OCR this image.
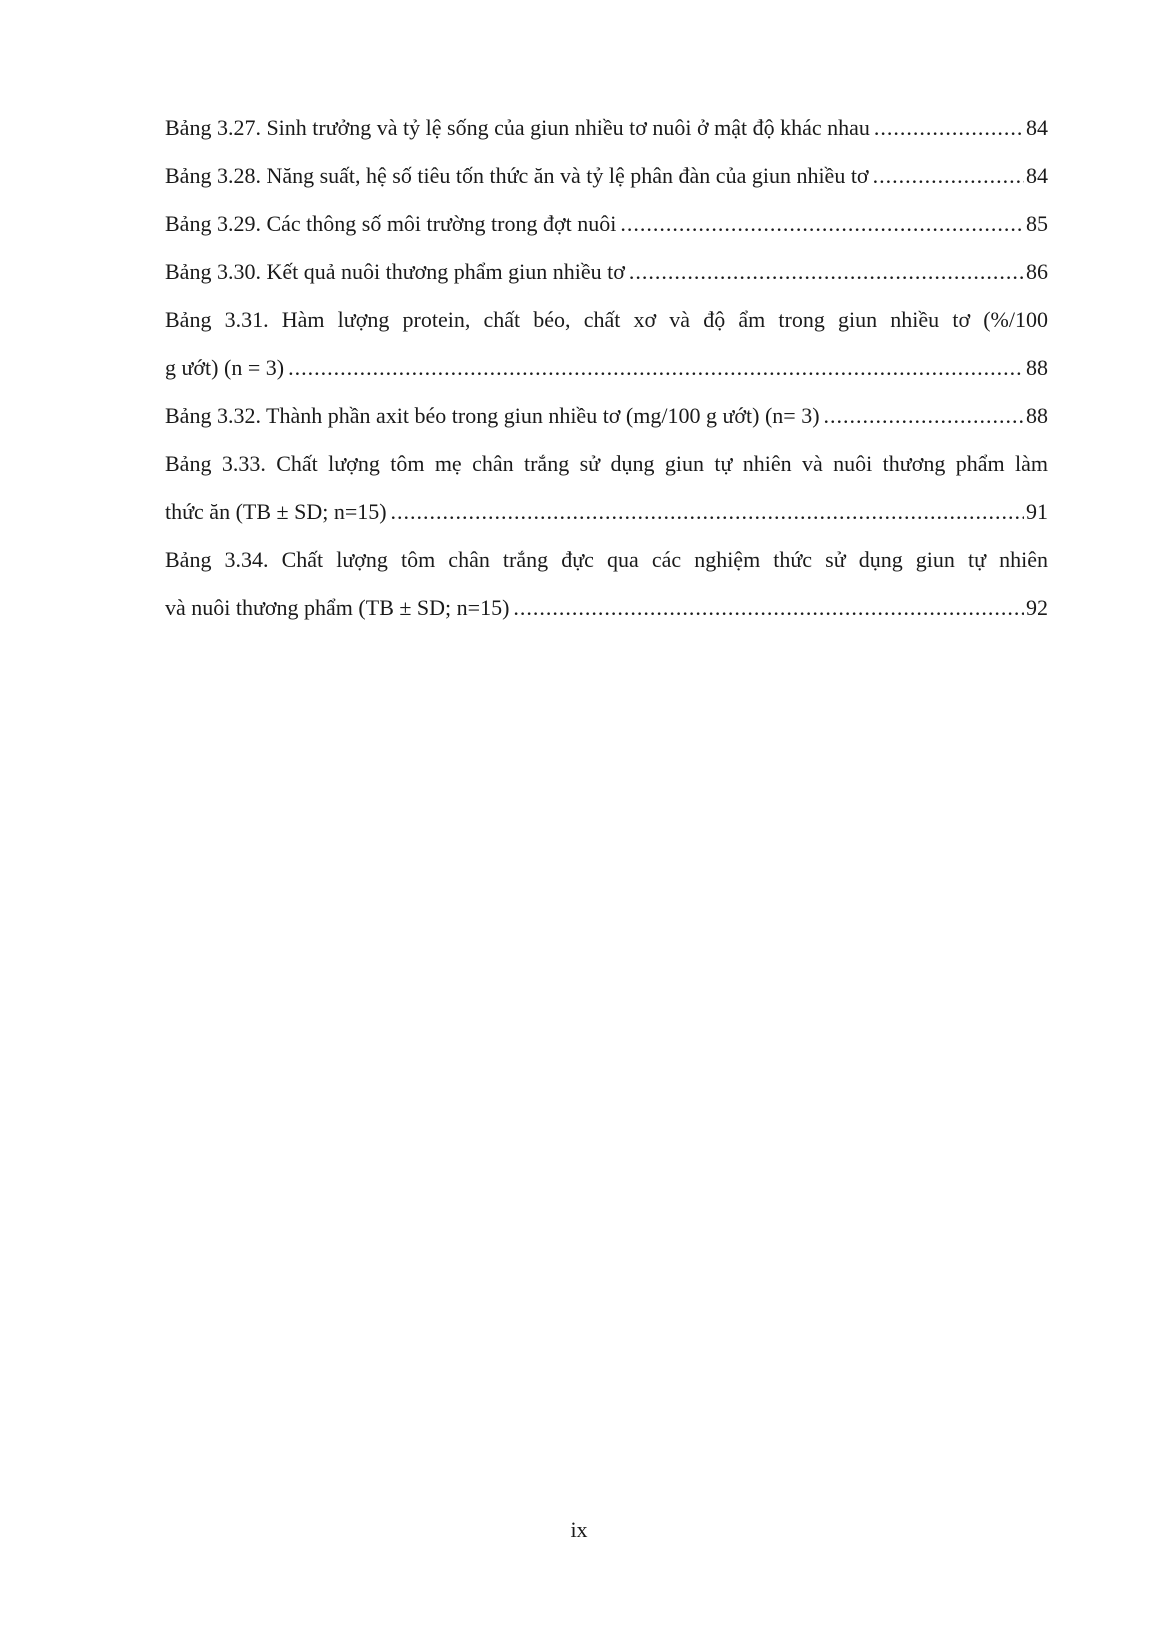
Bảng 3.27. Sinh trưởng và tỷ lệ sống của giun nhiều tơ nuôi ở mật độ khác nhau .....	84
Bảng 3.28. Năng suất, hệ số tiêu tốn thức ăn và tỷ lệ phân đàn của giun nhiều tơ .....	84
Bảng 3.29. Các thông số môi trường trong đợt nuôi .....	85
Bảng 3.30. Kết quả nuôi thương phẩm giun nhiều tơ .....	86
Bảng 3.31. Hàm lượng protein, chất béo, chất xơ và độ ẩm trong giun nhiều tơ (%/100
g ướt) (n = 3) .....	88
Bảng 3.32. Thành phần axit béo trong giun nhiều tơ (mg/100 g ướt) (n= 3) .....	88
Bảng 3.33. Chất lượng tôm mẹ chân trắng sử dụng giun tự nhiên và nuôi thương phẩm làm
thức ăn (TB ± SD; n=15) .....	91
Bảng 3.34. Chất lượng tôm chân trắng đực qua các nghiệm thức sử dụng giun tự nhiên
và nuôi thương phẩm (TB ± SD; n=15) .....	92
ix
